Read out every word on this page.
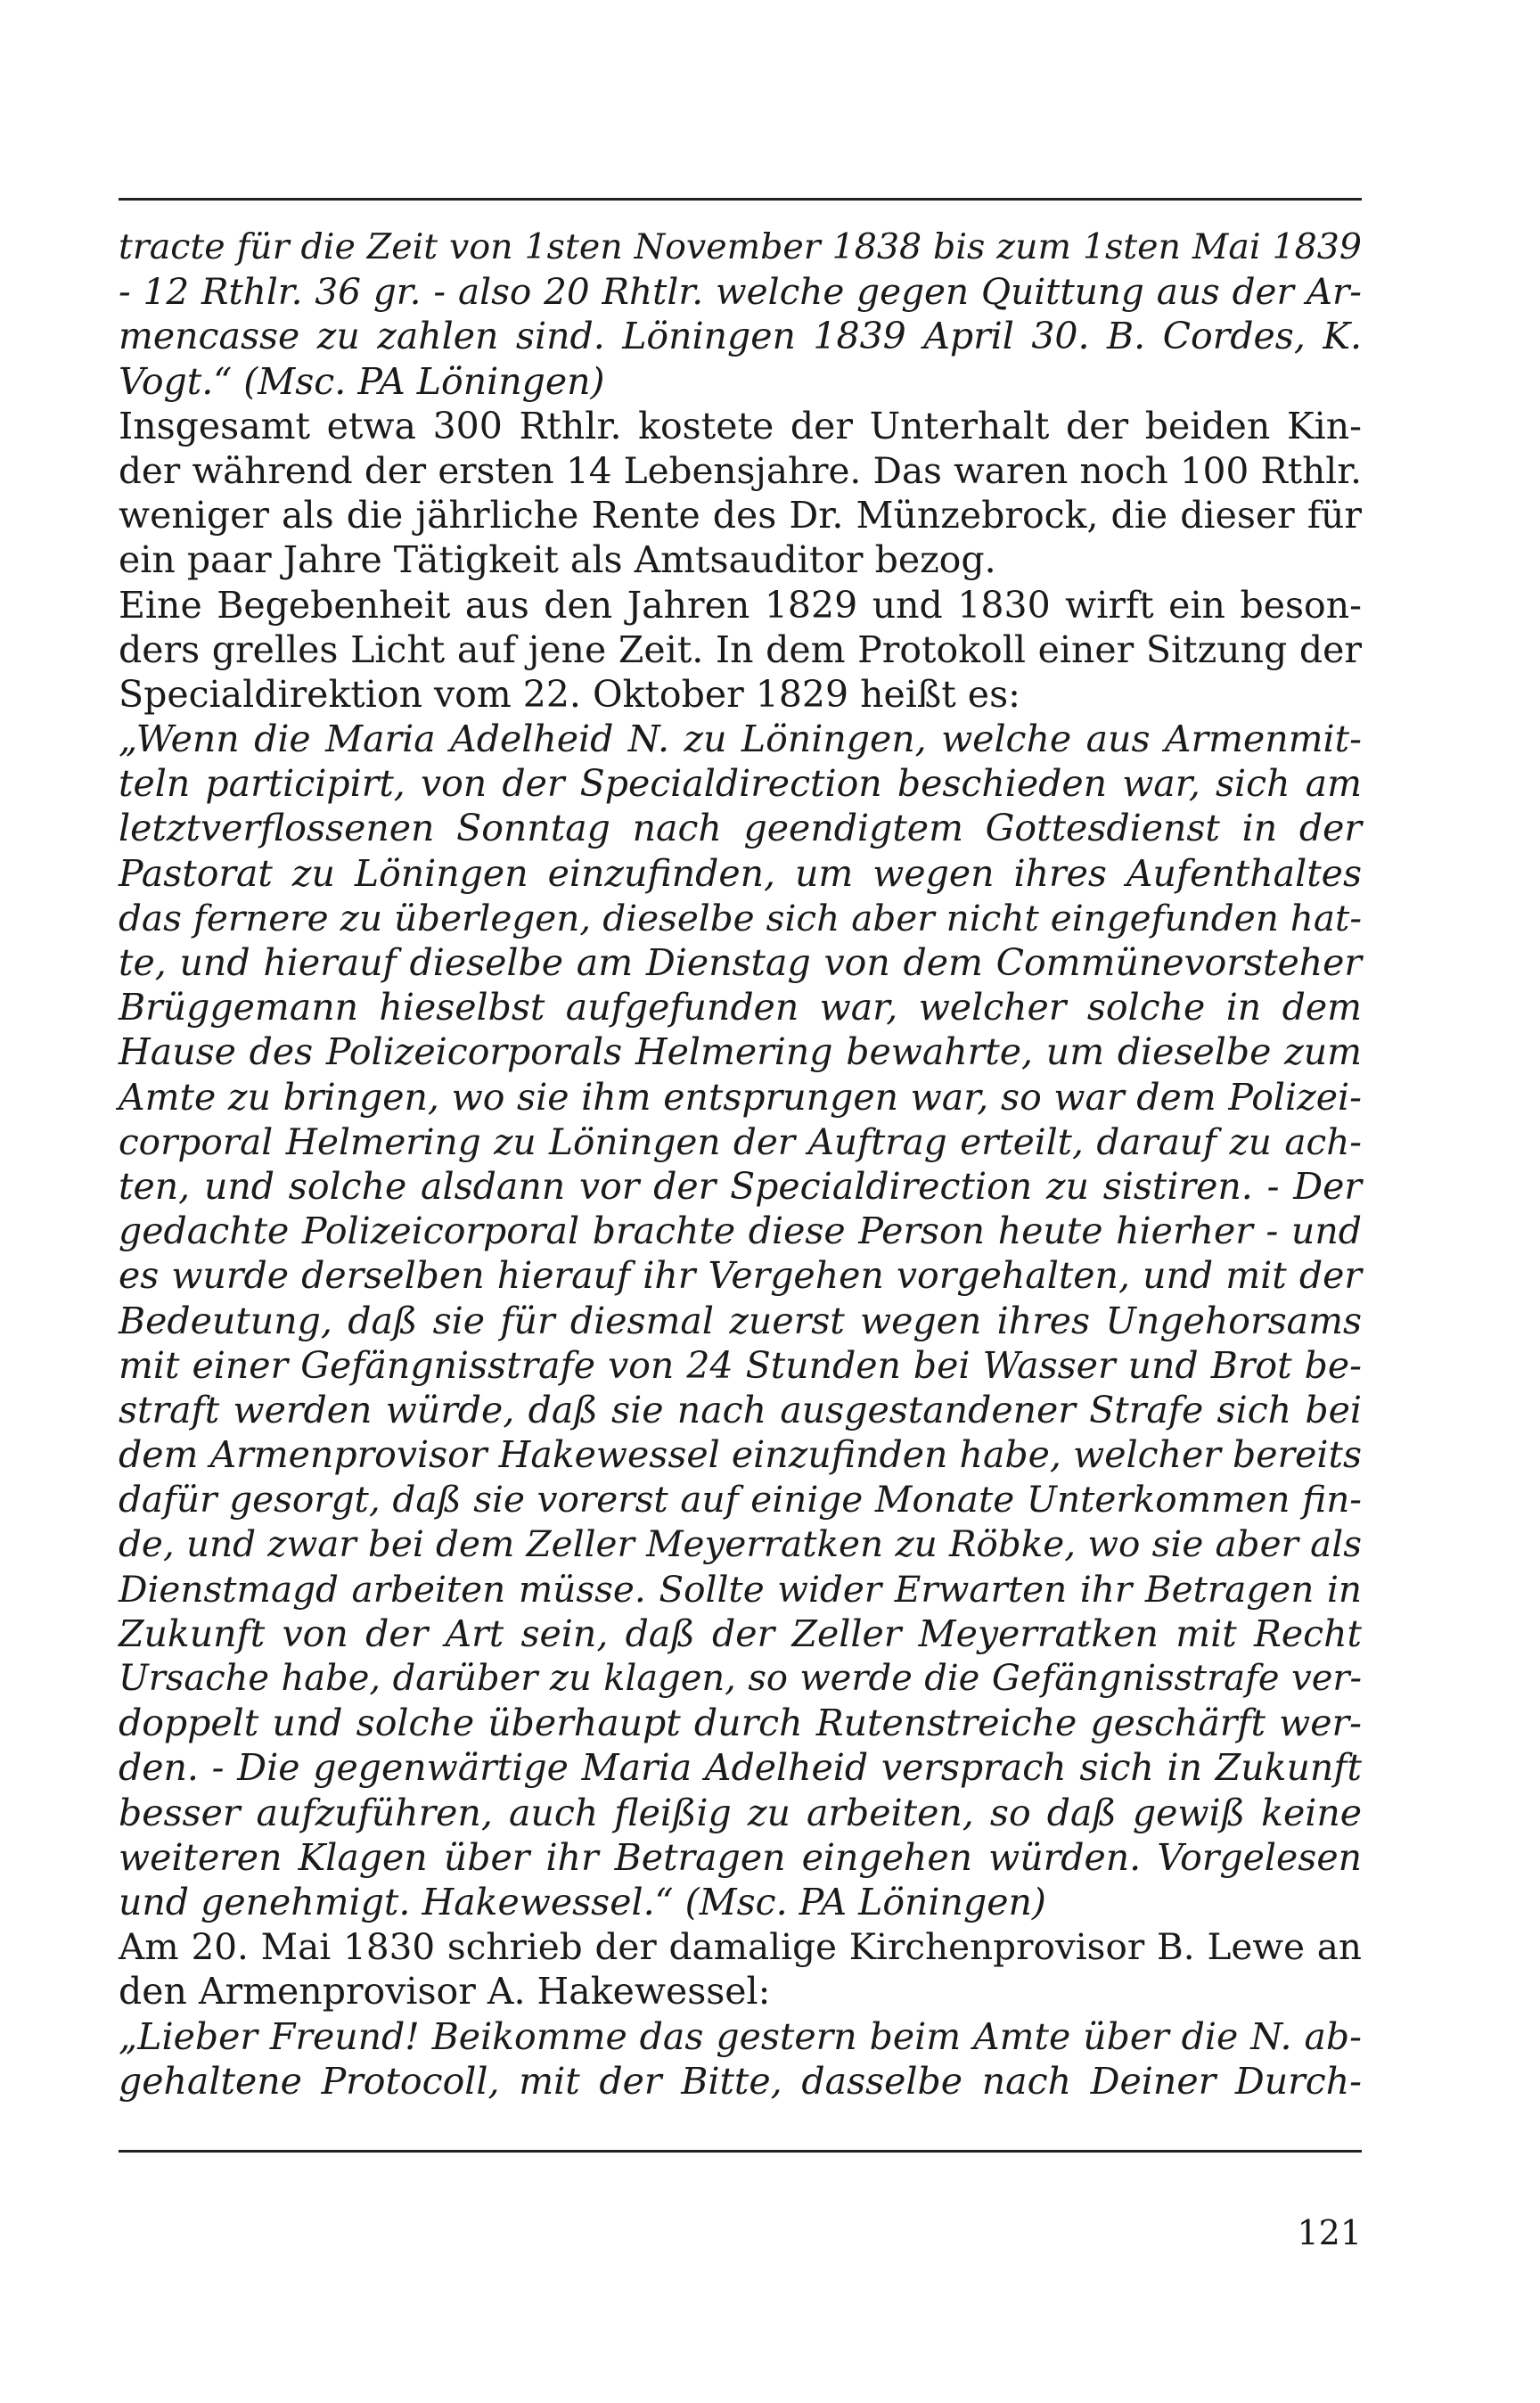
tracte für die Zeit von 1sten November 1838 bis zum 1sten Mai 1839
- 12 Rthlr. 36 gr. - also 20 Rhtlr. welche gegen Quittung aus der Ar-
mencasse zu zahlen sind. Löningen 1839 April 30. B. Cordes, K.
Vogt.“ (Msc. PA Löningen)
Insgesamt etwa 300 Rthlr. kostete der Unterhalt der beiden Kin-
der während der ersten 14 Lebensjahre. Das waren noch 100 Rthlr.
weniger als die jährliche Rente des Dr. Münzebrock, die dieser für
ein paar Jahre Tätigkeit als Amtsauditor bezog.
Eine Begebenheit aus den Jahren 1829 und 1830 wirft ein beson-
ders grelles Licht auf jene Zeit. In dem Protokoll einer Sitzung der
Specialdirektion vom 22. Oktober 1829 heißt es:
„Wenn die Maria Adelheid N. zu Löningen, welche aus Armenmit-
teln participirt, von der Specialdirection beschieden war, sich am
letztverflossenen Sonntag nach geendigtem Gottesdienst in der
Pastorat zu Löningen einzufinden, um wegen ihres Aufenthaltes
das fernere zu überlegen, dieselbe sich aber nicht eingefunden hat-
te, und hierauf dieselbe am Dienstag von dem Commünevorsteher
Brüggemann hieselbst aufgefunden war, welcher solche in dem
Hause des Polizeicorporals Helmering bewahrte, um dieselbe zum
Amte zu bringen, wo sie ihm entsprungen war, so war dem Polizei-
corporal Helmering zu Löningen der Auftrag erteilt, darauf zu ach-
ten, und solche alsdann vor der Specialdirection zu sistiren. - Der
gedachte Polizeicorporal brachte diese Person heute hierher - und
es wurde derselben hierauf ihr Vergehen vorgehalten, und mit der
Bedeutung, daß sie für diesmal zuerst wegen ihres Ungehorsams
mit einer Gefängnisstrafe von 24 Stunden bei Wasser und Brot be-
straft werden würde, daß sie nach ausgestandener Strafe sich bei
dem Armenprovisor Hakewessel einzufinden habe, welcher bereits
dafür gesorgt, daß sie vorerst auf einige Monate Unterkommen fin-
de, und zwar bei dem Zeller Meyerratken zu Röbke, wo sie aber als
Dienstmagd arbeiten müsse. Sollte wider Erwarten ihr Betragen in
Zukunft von der Art sein, daß der Zeller Meyerratken mit Recht
Ursache habe, darüber zu klagen, so werde die Gefängnisstrafe ver-
doppelt und solche überhaupt durch Rutenstreiche geschärft wer-
den. - Die gegenwärtige Maria Adelheid versprach sich in Zukunft
besser aufzuführen, auch fleißig zu arbeiten, so daß gewiß keine
weiteren Klagen über ihr Betragen eingehen würden. Vorgelesen
und genehmigt. Hakewessel.“ (Msc. PA Löningen)
Am 20. Mai 1830 schrieb der damalige Kirchenprovisor B. Lewe an
den Armenprovisor A. Hakewessel:
„Lieber Freund! Beikomme das gestern beim Amte über die N. ab-
gehaltene Protocoll, mit der Bitte, dasselbe nach Deiner Durch-
121
